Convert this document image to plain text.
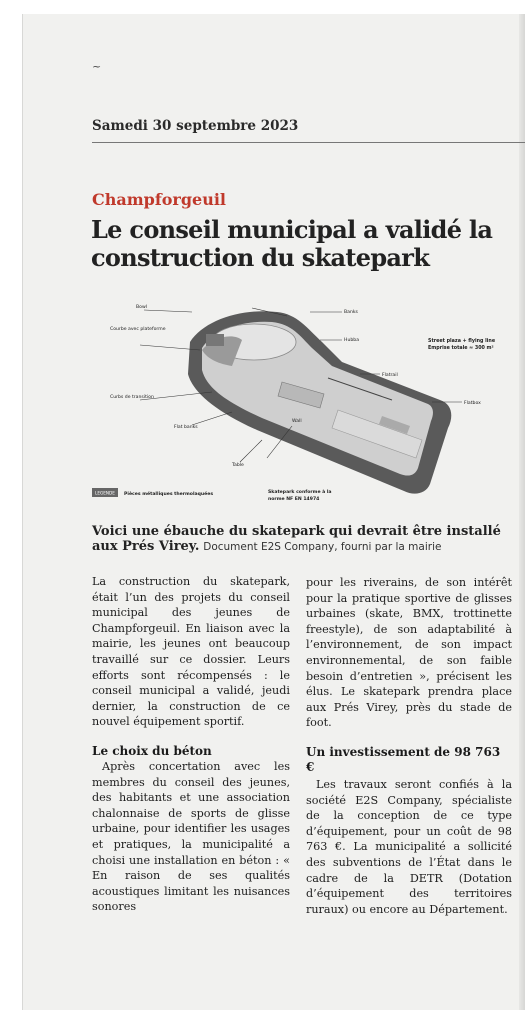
~
Samedi 30 septembre 2023
Champforgeuil
Le conseil municipal a validé la construction du skatepark
Courbe avec plateforme
Curbs de transition
Bowl
Banks
Hubba
Flatrail
Flatbox
Flat banks
Table
Wall
Street plaza + flying line
Emprise totale ≈ 300 m²
LEGENDE Pièces métalliques thermolaquées	Skatepark conforme à la
norme NF EN 14974
Voici une ébauche du skatepark qui devrait être installé aux Prés Virey. Document E2S Company, fourni par la mairie

La construction du skatepark, était l’un des projets du conseil municipal des jeunes de Champforgeuil. En liaison avec la mairie, les jeunes ont beaucoup travaillé sur ce dossier. Leurs efforts sont récompensés : le conseil municipal a validé, jeudi dernier, la construction de ce nouvel équipement sportif.

Le choix du béton

Après concertation avec les membres du conseil des jeunes, des habitants et une association chalonnaise de sports de glisse urbaine, pour identifier les usages et pratiques, la municipalité a choisi une installation en béton : « En raison de ses qualités acoustiques limitant les nuisances sonores

pour les riverains, de son intérêt pour la pratique sportive de glisses urbaines (skate, BMX, trottinette freestyle), de son adaptabilité à l’environnement, de son impact environnemental, de son faible besoin d’entretien », précisent les élus. Le skatepark prendra place aux Prés Virey, près du stade de foot.

Un investissement de 98 763 €

Les travaux seront confiés à la société E2S Company, spécialiste de la conception de ce type d’équipement, pour un coût de 98 763 €. La municipalité a sollicité des subventions de l’État dans le cadre de la DETR (Dotation d’équipement des territoires ruraux) ou encore au Département.
